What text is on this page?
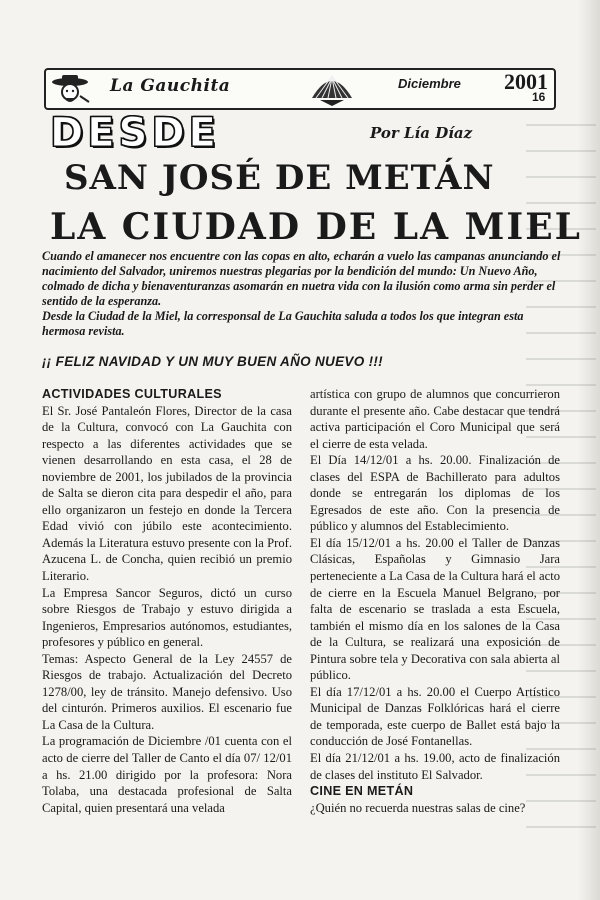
La Gauchita	Diciembre 2001
16
DESDE	Por Lía Díaz
SAN JOSÉ DE METÁN
LA CIUDAD DE LA MIEL

Cuando el amanecer nos encuentre con las copas en alto, echarán a vuelo las campanas anunciando el nacimiento del Salvador, uniremos nuestras plegarias por la bendición del mundo: Un Nuevo Año, colmado de dicha y bienaventuranzas asomarán en nuetra vida con la ilusión como arma sin perder el sentido de la esperanza.

Desde la Ciudad de la Miel, la corresponsal de La Gauchita saluda a todos los que integran esta hermosa revista.

¡¡ FELIZ NAVIDAD Y UN MUY BUEN AÑO NUEVO !!!
ACTIVIDADES CULTURALES

El Sr. José Pantaleón Flores, Director de la casa de la Cultura, convocó con La Gauchita con respecto a las diferentes actividades que se vienen desarrollando en esta casa, el 28 de noviembre de 2001, los jubilados de la provincia de Salta se dieron cita para despedir el año, para ello organizaron un festejo en donde la Tercera Edad vivió con júbilo este acontecimiento. Además la Literatura estuvo presente con la Prof. Azucena L. de Concha, quien recibió un premio Literario.

La Empresa Sancor Seguros, dictó un curso sobre Riesgos de Trabajo y estuvo dirigida a Ingenieros, Empresarios autónomos, estudiantes, profesores y público en general.

Temas: Aspecto General de la Ley 24557 de Riesgos de trabajo. Actualización del Decreto 1278/00, ley de tránsito. Manejo defensivo. Uso del cinturón. Primeros auxilios. El escenario fue La Casa de la Cultura.

La programación de Diciembre /01 cuenta con el acto de cierre del Taller de Canto el día 07/ 12/01 a hs. 21.00 dirigido por la profesora: Nora Tolaba, una destacada profesional de Salta Capital, quien presentará una velada

artística con grupo de alumnos que concurrieron durante el presente año. Cabe destacar que tendrá activa participación el Coro Municipal que será el cierre de esta velada.

El Día 14/12/01 a hs. 20.00. Finalización de clases del ESPA de Bachillerato para adultos donde se entregarán los diplomas de los Egresados de este año. Con la presencia de público y alumnos del Establecimiento.

El día 15/12/01 a hs. 20.00 el Taller de Danzas Clásicas, Españolas y Gimnasio Jara perteneciente a La Casa de la Cultura hará el acto de cierre en la Escuela Manuel Belgrano, por falta de escenario se traslada a esta Escuela, también el mismo día en los salones de la Casa de la Cultura, se realizará una exposición de Pintura sobre tela y Decorativa con sala abierta al público.

El día 17/12/01 a hs. 20.00 el Cuerpo Artístico Municipal de Danzas Folklóricas hará el cierre de temporada, este cuerpo de Ballet está bajo la conducción de José Fontanellas.

El día 21/12/01 a hs. 19.00, acto de finalización de clases del instituto El Salvador.

CINE EN METÁN

¿Quién no recuerda nuestras salas de cine?
